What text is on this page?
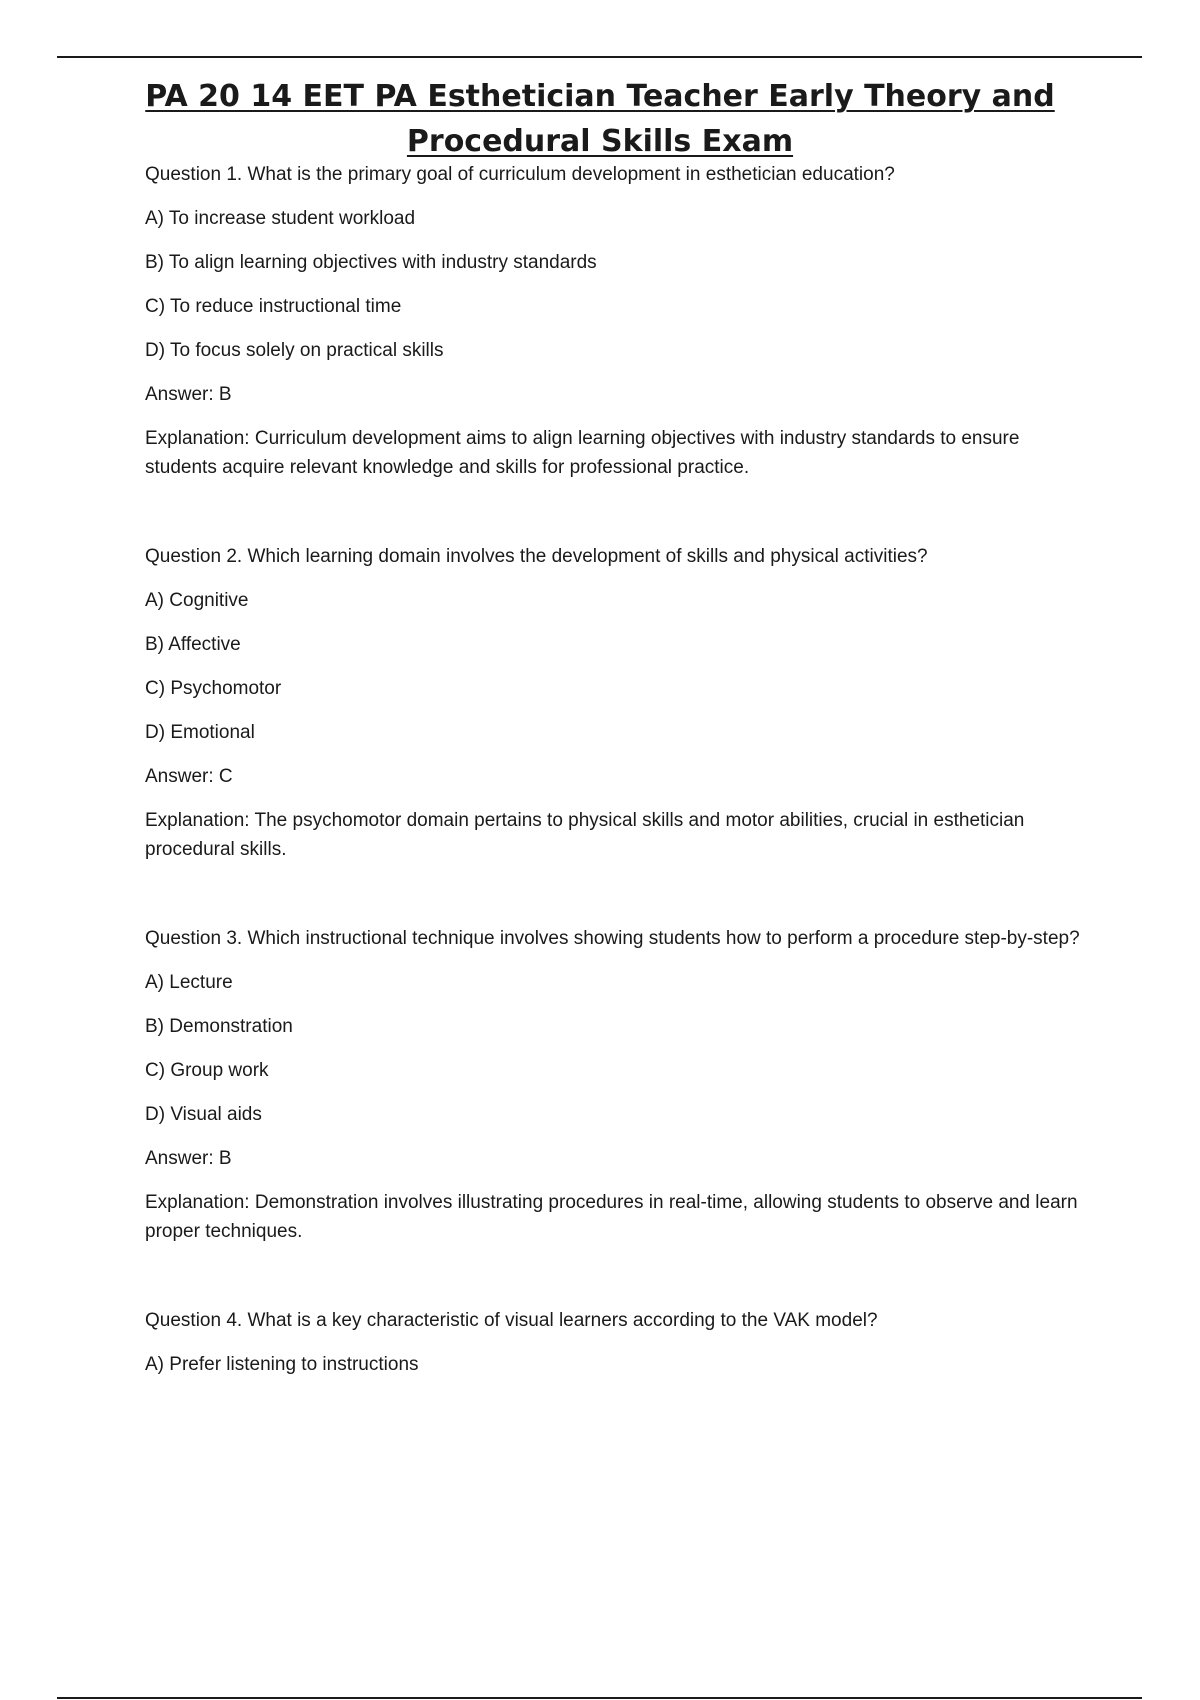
PA 20 14 EET PA Esthetician Teacher Early Theory and Procedural Skills Exam

Question 1. What is the primary goal of curriculum development in esthetician education?

A) To increase student workload

B) To align learning objectives with industry standards

C) To reduce instructional time

D) To focus solely on practical skills

Answer: B

Explanation: Curriculum development aims to align learning objectives with industry standards to ensure students acquire relevant knowledge and skills for professional practice.

Question 2. Which learning domain involves the development of skills and physical activities?

A) Cognitive

B) Affective

C) Psychomotor

D) Emotional

Answer: C

Explanation: The psychomotor domain pertains to physical skills and motor abilities, crucial in esthetician procedural skills.

Question 3. Which instructional technique involves showing students how to perform a procedure step-by-step?

A) Lecture

B) Demonstration

C) Group work

D) Visual aids

Answer: B

Explanation: Demonstration involves illustrating procedures in real-time, allowing students to observe and learn proper techniques.

Question 4. What is a key characteristic of visual learners according to the VAK model?

A) Prefer listening to instructions
